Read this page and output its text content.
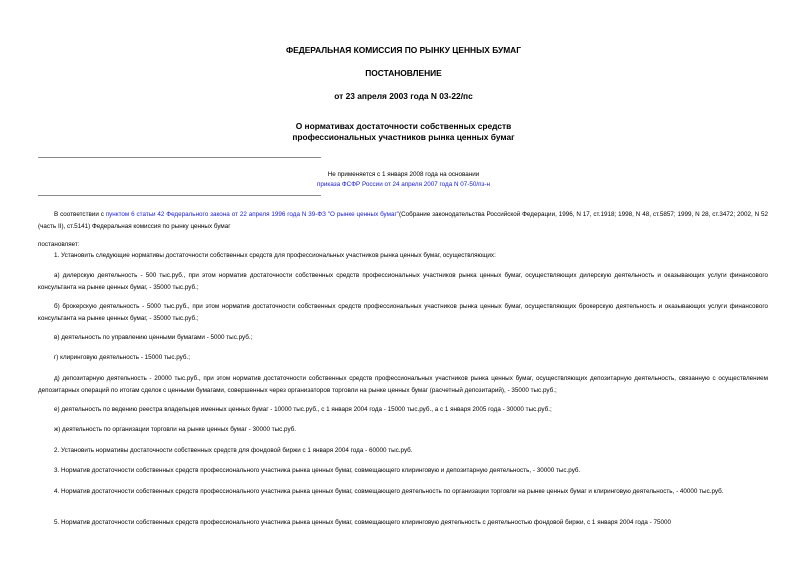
ФЕДЕРАЛЬНАЯ КОМИССИЯ ПО РЫНКУ ЦЕННЫХ БУМАГ
ПОСТАНОВЛЕНИЕ
от 23 апреля 2003 года N 03-22/пс
О нормативах достаточности собственных средств
профессиональных участников рынка ценных бумаг
Не применяется с 1 января 2008 года на основании
приказа ФСФР России от 24 апреля 2007 года N 07-50/пз-н
В соответствии с пунктом 6 статьи 42 Федерального закона от 22 апреля 1996 года N 39-ФЗ "О рынке ценных бумаг"(Собрание законодательства Российской Федерации, 1996, N 17, ст.1918; 1998, N 48, ст.5857; 1999, N 28, ст.3472; 2002, N 52 (часть II), ст.5141) Федеральная комиссия по рынку ценных бумаг
постановляет:
1. Установить следующие нормативы достаточности собственных средств для профессиональных участников рынка ценных бумаг, осуществляющих:
а) дилерскую деятельность - 500 тыс.руб., при этом норматив достаточности собственных средств профессиональных участников рынка ценных бумаг, осуществляющих дилерскую деятельность и оказывающих услуги финансового консультанта на рынке ценных бумаг, - 35000 тыс.руб.;
б) брокерскую деятельность - 5000 тыс.руб., при этом норматив достаточности собственных средств профессиональных участников рынка ценных бумаг, осуществляющих брокерскую деятельность и оказывающих услуги финансового консультанта на рынке ценных бумаг, - 35000 тыс.руб.;
в) деятельность по управлению ценными бумагами - 5000 тыс.руб.;
г) клиринговую деятельность - 15000 тыс.руб.;
д) депозитарную деятельность - 20000 тыс.руб., при этом норматив достаточности собственных средств профессиональных участников рынка ценных бумаг, осуществляющих депозитарную деятельность, связанную с осуществлением депозитарных операций по итогам сделок с ценными бумагами, совершенных через организаторов торговли на рынке ценных бумаг (расчетный депозитарий), - 35000 тыс.руб.;
е) деятельность по ведению реестра владельцев именных ценных бумаг - 10000 тыс.руб., с 1 января 2004 года - 15000 тыс.руб., а с 1 января 2005 года - 30000 тыс.руб.;
ж) деятельность по организации торговли на рынке ценных бумаг - 30000 тыс.руб.
2. Установить нормативы достаточности собственных средств для фондовой биржи с 1 января 2004 года - 60000 тыс.руб.
3. Норматив достаточности собственных средств профессионального участника рынка ценных бумаг, совмещающего клиринговую и депозитарную деятельность, - 30000 тыс.руб.
4. Норматив достаточности собственных средств профессионального участника рынка ценных бумаг, совмещающего деятельность по организации торговли на рынке ценных бумаг и клиринговую деятельность, - 40000 тыс.руб.
5. Норматив достаточности собственных средств профессионального участника рынка ценных бумаг, совмещающего клиринговую деятельность с деятельностью фондовой биржи, с 1 января 2004 года - 75000
